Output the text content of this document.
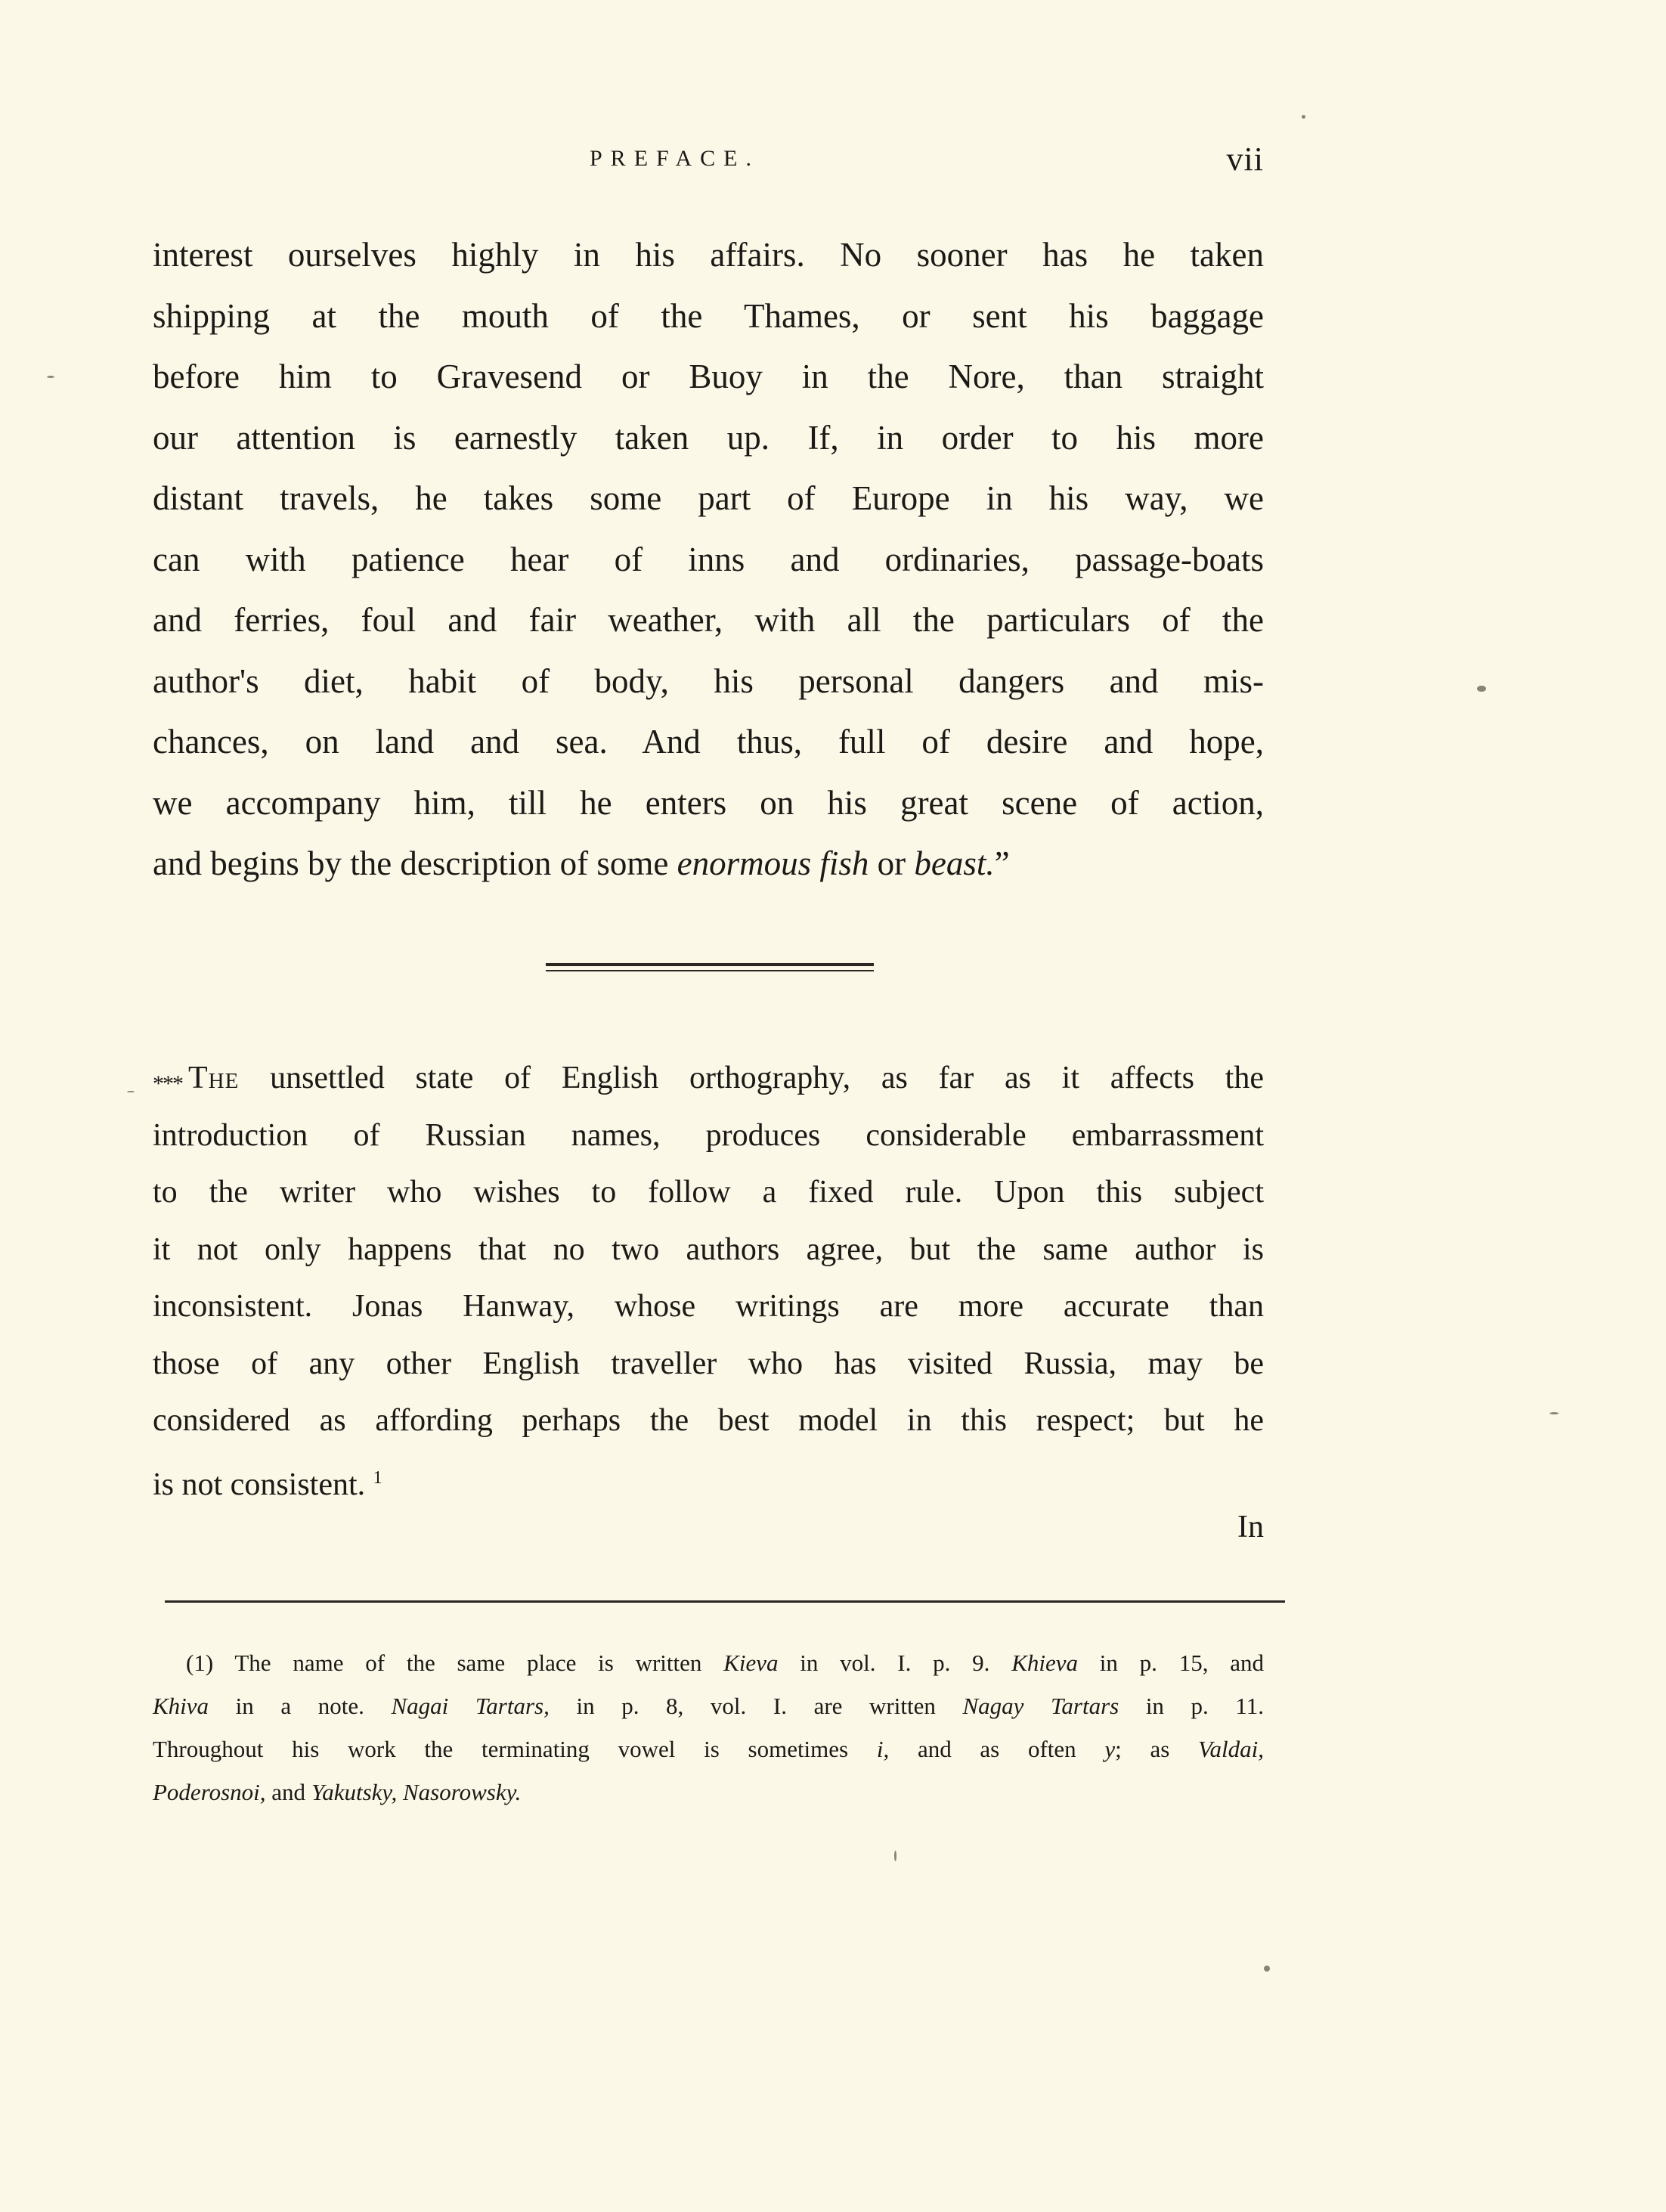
PREFACE.	vii
interest ourselves highly in his affairs. No sooner has he taken
shipping at the mouth of the Thames, or sent his baggage
before him to Gravesend or Buoy in the Nore, than straight
our attention is earnestly taken up. If, in order to his more
distant travels, he takes some part of Europe in his way, we
can with patience hear of inns and ordinaries, passage-boats
and ferries, foul and fair weather, with all the particulars of the
author's diet, habit of body, his personal dangers and mis-
chances, on land and sea. And thus, full of desire and hope,
we accompany him, till he enters on his great scene of action,
and begins by the description of some enormous fish or beast.”
*** The unsettled state of English orthography, as far as it affects the
introduction of Russian names, produces considerable embarrassment
to the writer who wishes to follow a fixed rule. Upon this subject
it not only happens that no two authors agree, but the same author is
inconsistent. Jonas Hanway, whose writings are more accurate than
those of any other English traveller who has visited Russia, may be
considered as affording perhaps the best model in this respect; but he
is not consistent. $^1$
In
(1) The name of the same place is written Kieva in vol. I. p. 9. Khieva in p. 15, and
Khiva in a note. Nagai Tartars, in p. 8, vol. I. are written Nagay Tartars in p. 11.
Throughout his work the terminating vowel is sometimes i, and as often y; as Valdai,
Poderosnoi, and Yakutsky, Nasorowsky.
